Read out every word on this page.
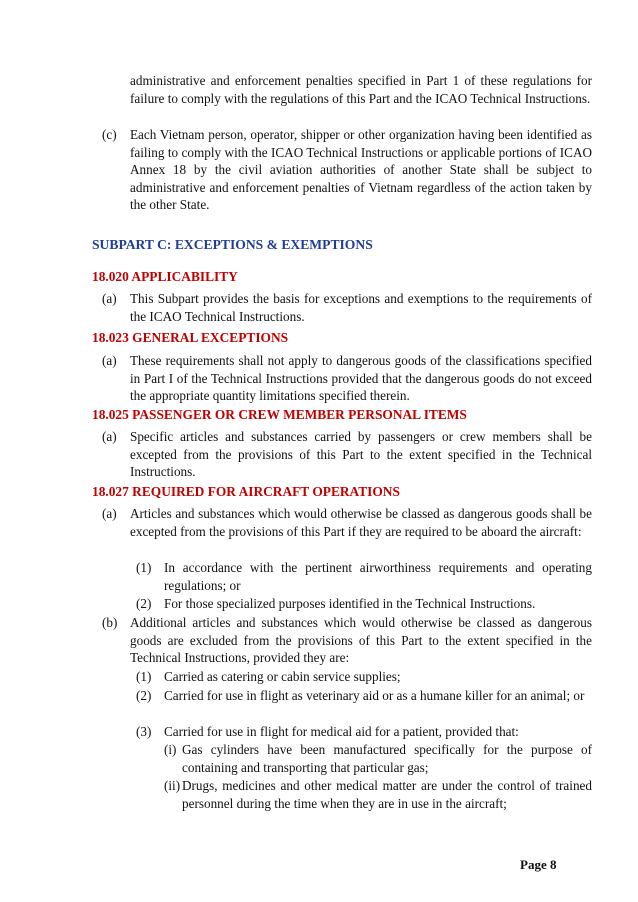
administrative and enforcement penalties specified in Part 1 of these regulations for failure to comply with the regulations of this Part and the ICAO Technical Instructions.
(c) Each Vietnam person, operator, shipper or other organization having been identified as failing to comply with the ICAO Technical Instructions or applicable portions of ICAO Annex 18 by the civil aviation authorities of another State shall be subject to administrative and enforcement penalties of Vietnam regardless of the action taken by the other State.
SUBPART C: EXCEPTIONS & EXEMPTIONS
18.020 APPLICABILITY
(a) This Subpart provides the basis for exceptions and exemptions to the requirements of the ICAO Technical Instructions.
18.023 GENERAL EXCEPTIONS
(a) These requirements shall not apply to dangerous goods of the classifications specified in Part I of the Technical Instructions provided that the dangerous goods do not exceed the appropriate quantity limitations specified therein.
18.025 PASSENGER OR CREW MEMBER PERSONAL ITEMS
(a) Specific articles and substances carried by passengers or crew members shall be excepted from the provisions of this Part to the extent specified in the Technical Instructions.
18.027 REQUIRED FOR AIRCRAFT OPERATIONS
(a) Articles and substances which would otherwise be classed as dangerous goods shall be excepted from the provisions of this Part if they are required to be aboard the aircraft:
(1) In accordance with the pertinent airworthiness requirements and operating regulations; or
(2) For those specialized purposes identified in the Technical Instructions.
(b) Additional articles and substances which would otherwise be classed as dangerous goods are excluded from the provisions of this Part to the extent specified in the Technical Instructions, provided they are:
(1) Carried as catering or cabin service supplies;
(2) Carried for use in flight as veterinary aid or as a humane killer for an animal; or
(3) Carried for use in flight for medical aid for a patient, provided that:
(i) Gas cylinders have been manufactured specifically for the purpose of containing and transporting that particular gas;
(ii) Drugs, medicines and other medical matter are under the control of trained personnel during the time when they are in use in the aircraft;
Page 8
